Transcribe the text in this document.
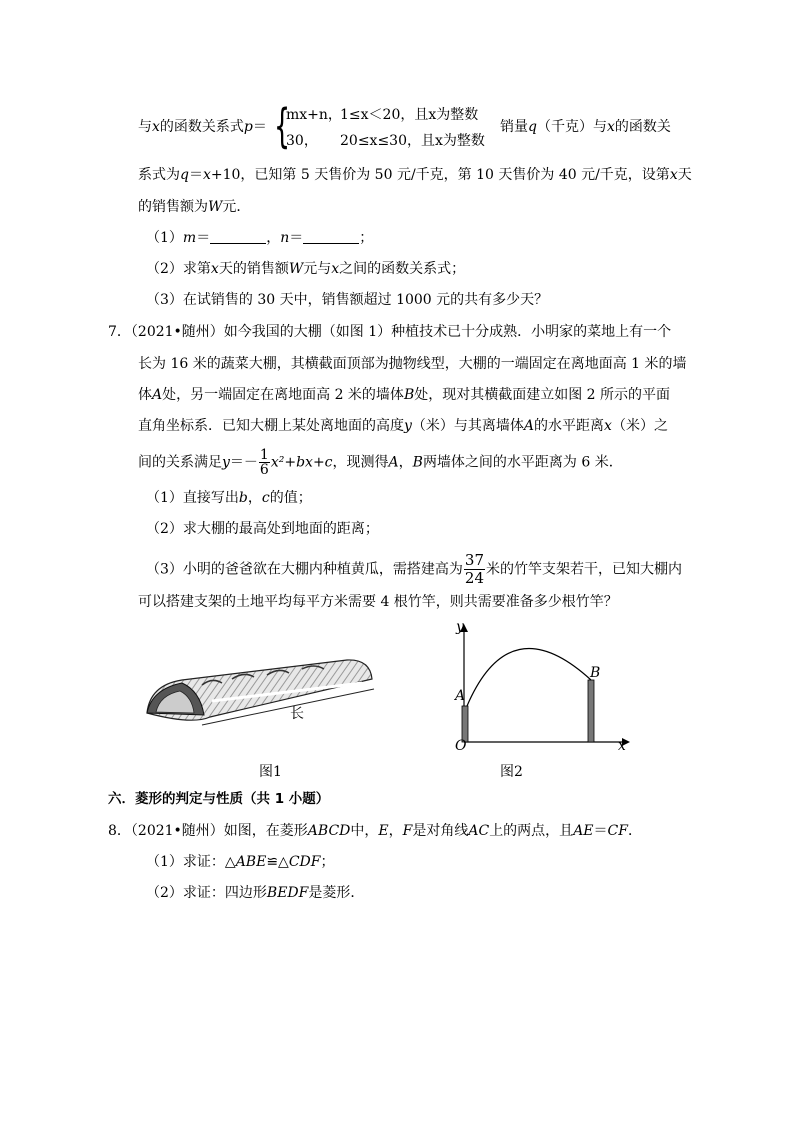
与x的函数关系式p＝ {
mx+n，1≤x＜20，且x为整数
30， 20≤x≤30，且x为整数
销量q（千克）与x的函数关
系式为q＝x+10，已知第 5 天售价为 50 元/千克，第 10 天售价为 40 元/千克，设第x天
的销售额为W元．
（1）m＝	，n＝	；
（2）求第x天的销售额W元与x之间的函数关系式；
（3）在试销售的 30 天中，销售额超过 1000 元的共有多少天？
7．（2021•随州）如今我国的大棚（如图 1）种植技术已十分成熟．小明家的菜地上有一个
长为 16 米的蔬菜大棚，其横截面顶部为抛物线型，大棚的一端固定在离地面高 1 米的墙
体A处，另一端固定在离地面高 2 米的墙体B处，现对其横截面建立如图 2 所示的平面
直角坐标系．已知大棚上某处离地面的高度y（米）与其离墙体A的水平距离x（米）之
间的关系满足$y=- \frac{1}{6} x^2+bx+c$，现测得A，B两墙体之间的水平距离为 6 米．
（1）直接写出b，c的值；
（2）求大棚的最高处到地面的距离；
（3）小明的爸爸欲在大棚内种植黄瓜，需搭建高为 $\frac{37}{24}$ 米的竹竿支架若干，已知大棚内
可以搭建支架的土地平均每平方米需要 4 根竹竿，则共需要准备多少根竹竿？
长
图1
y
x
O
A
B
图2
六．菱形的判定与性质（共 1 小题）
8．（2021•随州）如图，在菱形ABCD中，E，F是对角线AC上的两点，且AE＝CF．
（1）求证：△ABE≌△CDF；
（2）求证：四边形BEDF是菱形．
